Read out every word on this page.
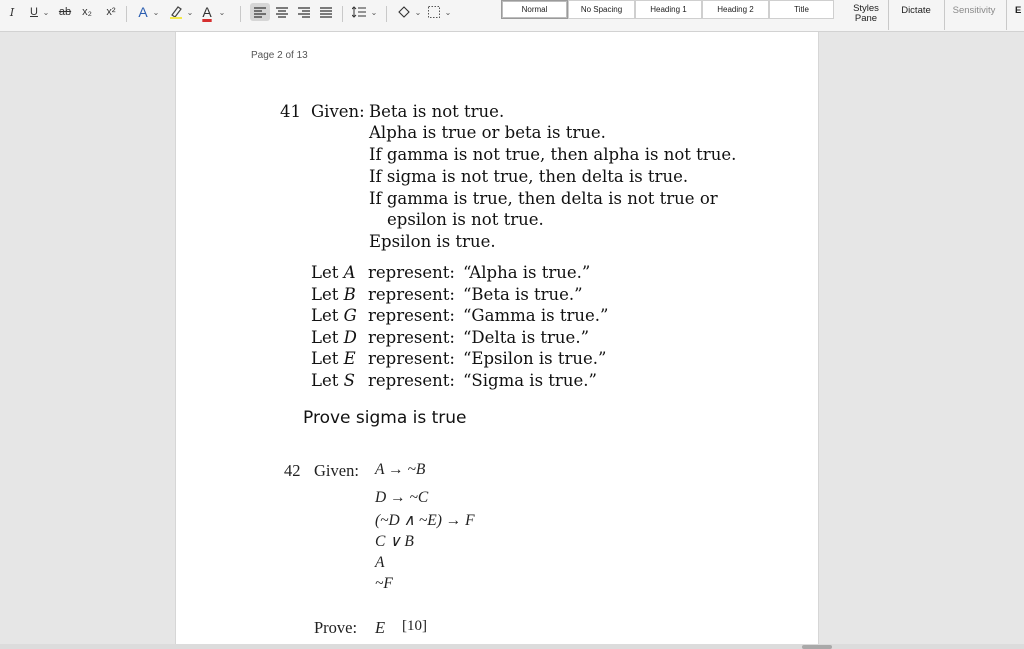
I	U ⌄ ab x₂ x² A ⌄	⌄ A ⌄	⌄	⌄	⌄	Normal	No Spacing	Heading 1	Heading 2	Title	Styles
Pane
Dictate	Sensitivity	E
Page 2 of 13
41 Given: Beta is not true.
Alpha is true or beta is true.
If gamma is not true, then alpha is not true.
If sigma is not true, then delta is true.
If gamma is true, then delta is not true or
epsilon is not true.
Epsilon is true.
Let A represent: “Alpha is true.”
Let B represent: “Beta is true.”
Let G represent: “Gamma is true.”
Let D represent: “Delta is true.”
Let E represent: “Epsilon is true.”
Let S represent: “Sigma is true.”
Prove sigma is true
42 Given: A → ~B
D → ~C
(~D ∧ ~E) → F
C ∨ B
A
~F
Prove: E [10]
